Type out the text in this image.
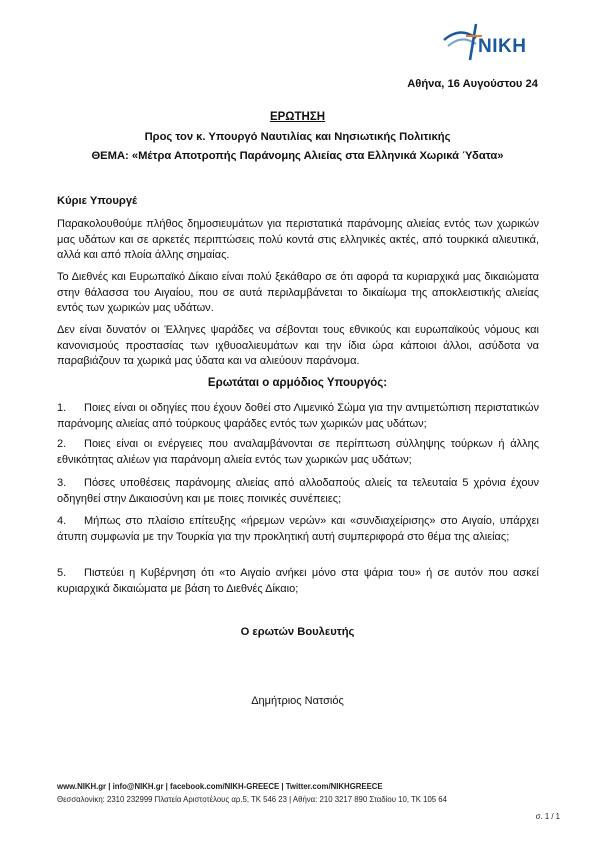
NIKH
Αθήνα, 16 Αυγούστου 24
ΕΡΩΤΗΣΗ
Προς τον κ. Υπουργό Ναυτιλίας και Νησιωτικής Πολιτικής
ΘΕΜΑ: «Μέτρα Αποτροπής Παράνομης Αλιείας στα Ελληνικά Χωρικά Ύδατα»
Κύριε Υπουργέ

Παρακολουθούμε πλήθος δημοσιευμάτων για περιστατικά παράνομης αλιείας εντός των χωρικών μας υδάτων και σε αρκετές περιπτώσεις πολύ κοντά στις ελληνικές ακτές, από τουρκικά αλιευτικά, αλλά και από πλοία άλλης σημαίας.

Το Διεθνές και Ευρωπαϊκό Δίκαιο είναι πολύ ξεκάθαρο σε ότι αφορά τα κυριαρχικά μας δικαιώματα στην θάλασσα του Αιγαίου, που σε αυτά περιλαμβάνεται το δικαίωμα της αποκλειστικής αλιείας εντός των χωρικών μας υδάτων.

Δεν είναι δυνατόν οι Έλληνες ψαράδες να σέβονται τους εθνικούς και ευρωπαϊκούς νόμους και κανονισμούς προστασίας των ιχθυοαλιευμάτων και την ίδια ώρα κάποιοι άλλοι, ασύδοτα να παραβιάζουν τα χωρικά μας ύδατα και να αλιεύουν παράνομα.

Ερωτάται ο αρμόδιος Υπουργός:

1. Ποιες είναι οι οδηγίες που έχουν δοθεί στο Λιμενικό Σώμα για την αντιμετώπιση περιστατικών παράνομης αλιείας από τούρκους ψαράδες εντός των χωρικών μας υδάτων;

2. Ποιες είναι οι ενέργειες που αναλαμβάνονται σε περίπτωση σύλληψης τούρκων ή άλλης εθνικότητας αλιέων για παράνομη αλιεία εντός των χωρικών μας υδάτων;

3. Πόσες υποθέσεις παράνομης αλιείας από αλλοδαπούς αλιείς τα τελευταία 5 χρόνια έχουν οδηγηθεί στην Δικαιοσύνη και με ποιες ποινικές συνέπειες;

4. Μήπως στο πλαίσιο επίτευξης «ήρεμων νερών» και «συνδιαχείρισης» στο Αιγαίο, υπάρχει άτυπη συμφωνία με την Τουρκία για την προκλητική αυτή συμπεριφορά στο θέμα της αλιείας;

5. Πιστεύει η Κυβέρνηση ότι «το Αιγαίο ανήκει μόνο στα ψάρια του» ή σε αυτόν που ασκεί κυριαρχικά δικαιώματα με βάση το Διεθνές Δίκαιο;

Ο ερωτών Βουλευτής
Δημήτριος Νατσιός
www.NIKH.gr | info@NIKH.gr | facebook.com/NIKH-GREECE | Twitter.com/NIKHGREECE
Θεσσαλονίκη: 2310 232999 Πλατεία Αριστοτέλους αρ.5, ΤΚ 546 23 | Αθήνα: 210 3217 890 Σταδίου 10, ΤΚ 105 64
σ. 1 / 1
